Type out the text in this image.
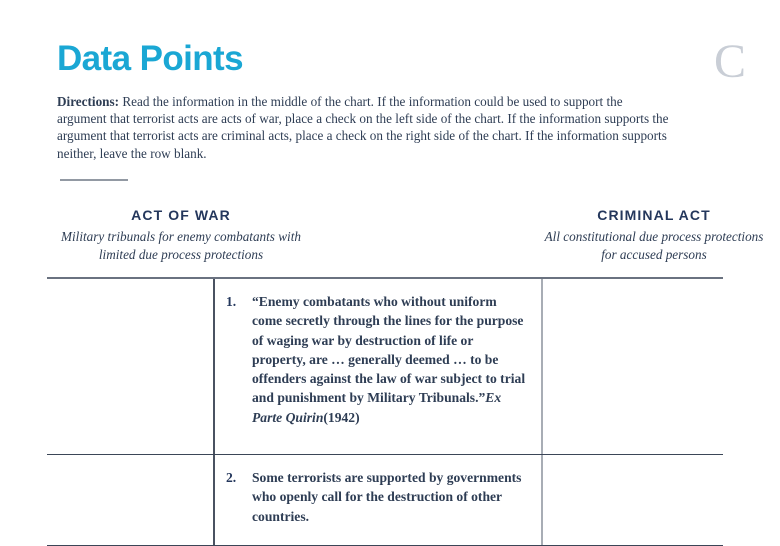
Data Points	C
Directions: Read the information in the middle of the chart. If the information could be used to support the argument that terrorist acts are acts of war, place a check on the left side of the chart. If the information supports the argument that terrorist acts are criminal acts, place a check on the right side of the chart. If the information supports neither, leave the row blank.
ACT OF WAR
Military tribunals for enemy combatants with limited due process protections
CRIMINAL ACT
All constitutional due process protections for accused persons
1.	“Enemy combatants who without uniform come secretly through the lines for the purpose of waging war by destruction of life or property, are … generally deemed … to be offenders against the law of war subject to trial and punishment by Military Tribunals.”Ex Parte Quirin(1942)
2.	Some terrorists are supported by governments who openly call for the destruction of other countries.
